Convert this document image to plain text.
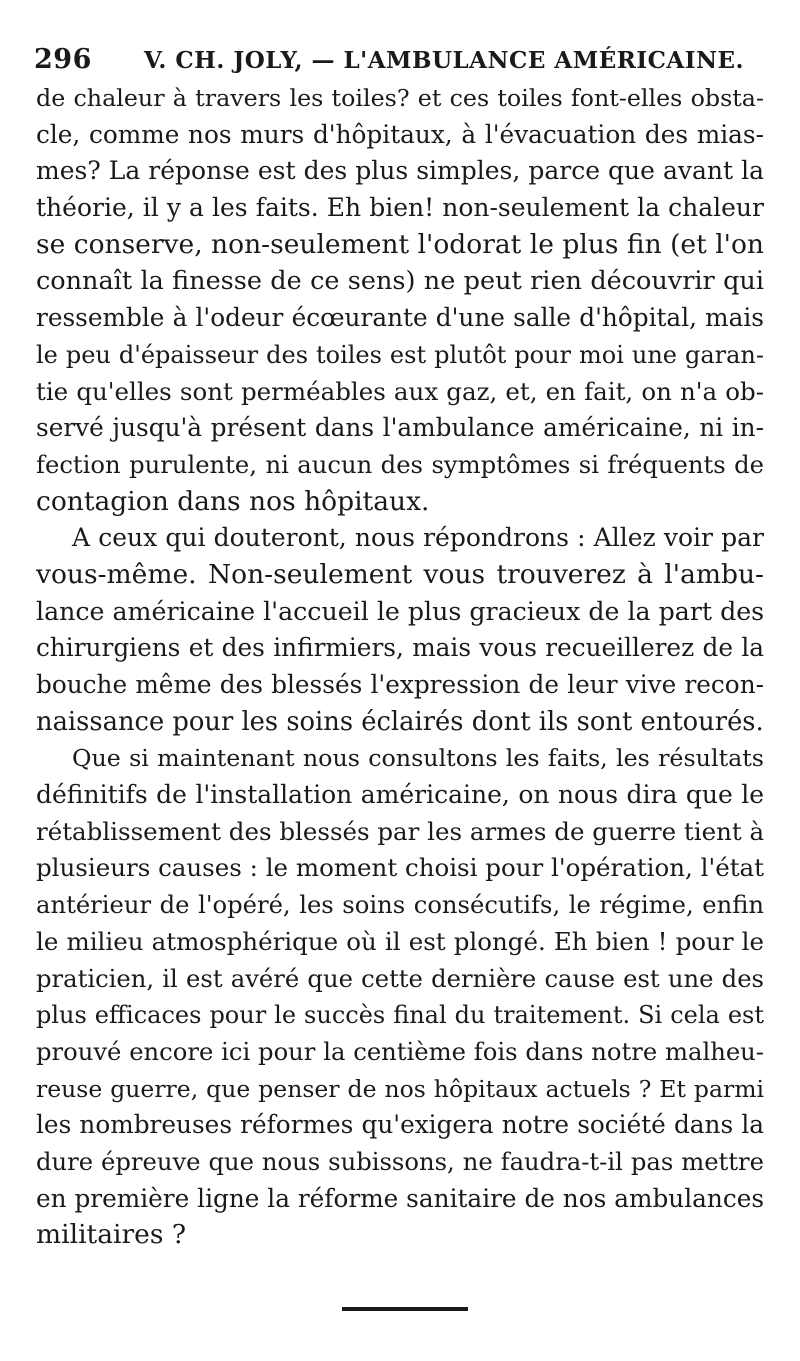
296 V. CH. JOLY, — L'AMBULANCE AMÉRICAINE.
de chaleur à travers les toiles? et ces toiles font-elles obsta-
cle, comme nos murs d'hôpitaux, à l'évacuation des mias-
mes? La réponse est des plus simples, parce que avant la
théorie, il y a les faits. Eh bien! non-seulement la chaleur
se conserve, non-seulement l'odorat le plus fin (et l'on
connaît la finesse de ce sens) ne peut rien découvrir qui
ressemble à l'odeur écœurante d'une salle d'hôpital, mais
le peu d'épaisseur des toiles est plutôt pour moi une garan-
tie qu'elles sont perméables aux gaz, et, en fait, on n'a ob-
servé jusqu'à présent dans l'ambulance américaine, ni in-
fection purulente, ni aucun des symptômes si fréquents de
contagion dans nos hôpitaux.
A ceux qui douteront, nous répondrons : Allez voir par
vous-même. Non-seulement vous trouverez à l'ambu-
lance américaine l'accueil le plus gracieux de la part des
chirurgiens et des infirmiers, mais vous recueillerez de la
bouche même des blessés l'expression de leur vive recon-
naissance pour les soins éclairés dont ils sont entourés.
Que si maintenant nous consultons les faits, les résultats
définitifs de l'installation américaine, on nous dira que le
rétablissement des blessés par les armes de guerre tient à
plusieurs causes : le moment choisi pour l'opération, l'état
antérieur de l'opéré, les soins consécutifs, le régime, enfin
le milieu atmosphérique où il est plongé. Eh bien ! pour le
praticien, il est avéré que cette dernière cause est une des
plus efficaces pour le succès final du traitement. Si cela est
prouvé encore ici pour la centième fois dans notre malheu-
reuse guerre, que penser de nos hôpitaux actuels ? Et parmi
les nombreuses réformes qu'exigera notre société dans la
dure épreuve que nous subissons, ne faudra-t-il pas mettre
en première ligne la réforme sanitaire de nos ambulances
militaires ?
